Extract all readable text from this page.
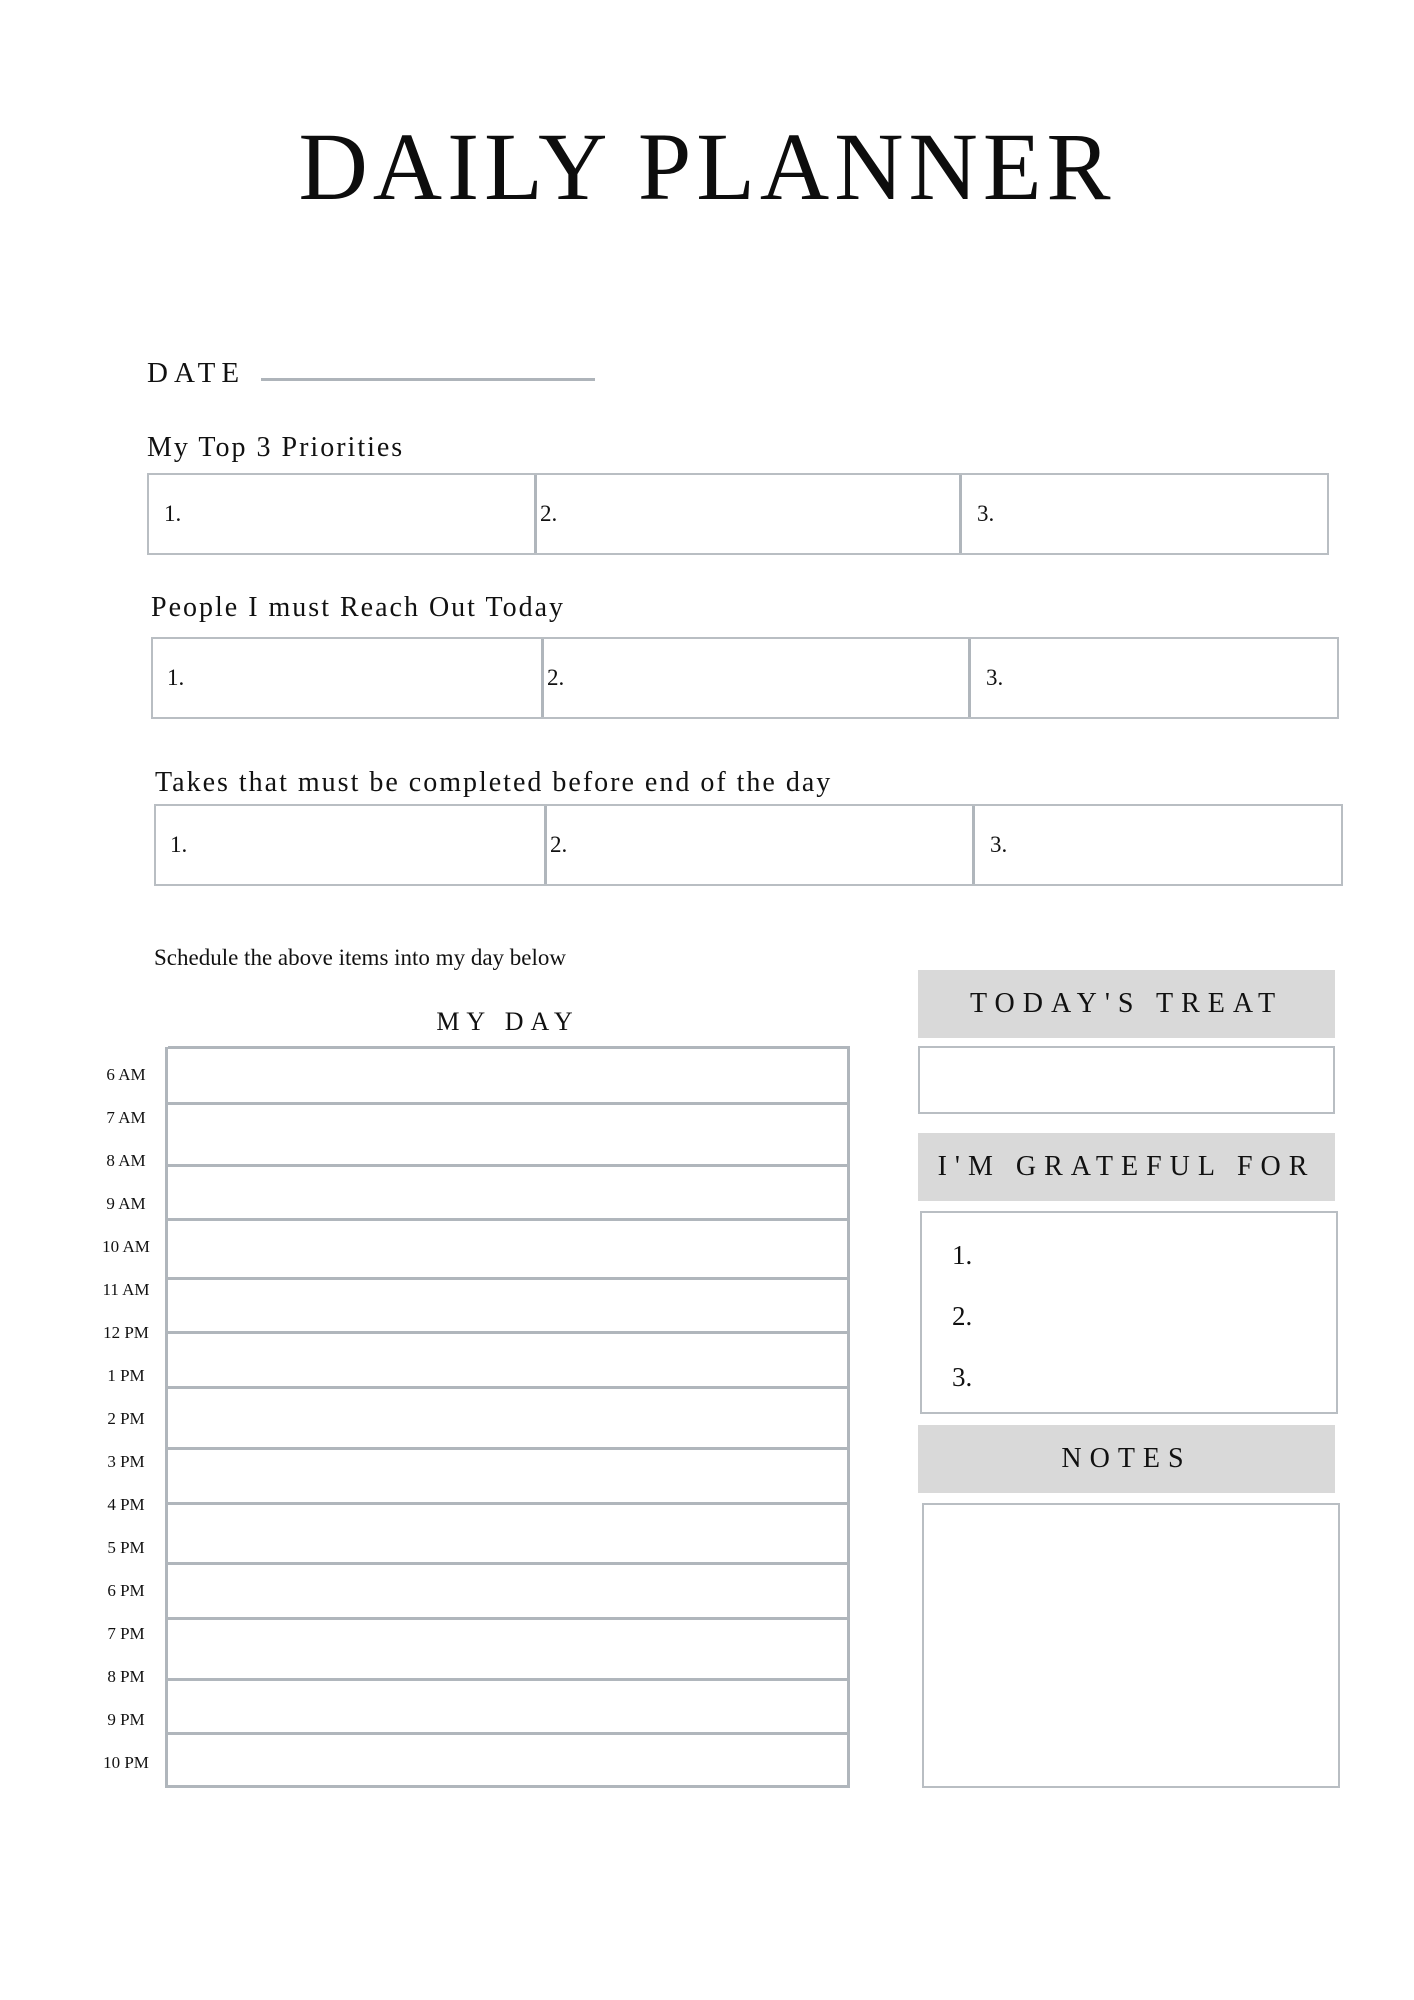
DAILY PLANNER
DATE
My Top 3 Priorities
1.	2.	3.
People I must Reach Out Today
1.	2.	3.
Takes that must be completed before end of the day
1.	2.	3.
Schedule the above items into my day below
MY DAY
6 AM
7 AM
8 AM
9 AM
10 AM
11 AM
12 PM
1 PM
2 PM
3 PM
4 PM
5 PM
6 PM
7 PM
8 PM
9 PM
10 PM
TODAY'S TREAT
I'M GRATEFUL FOR
1.
2.
3.
NOTES
